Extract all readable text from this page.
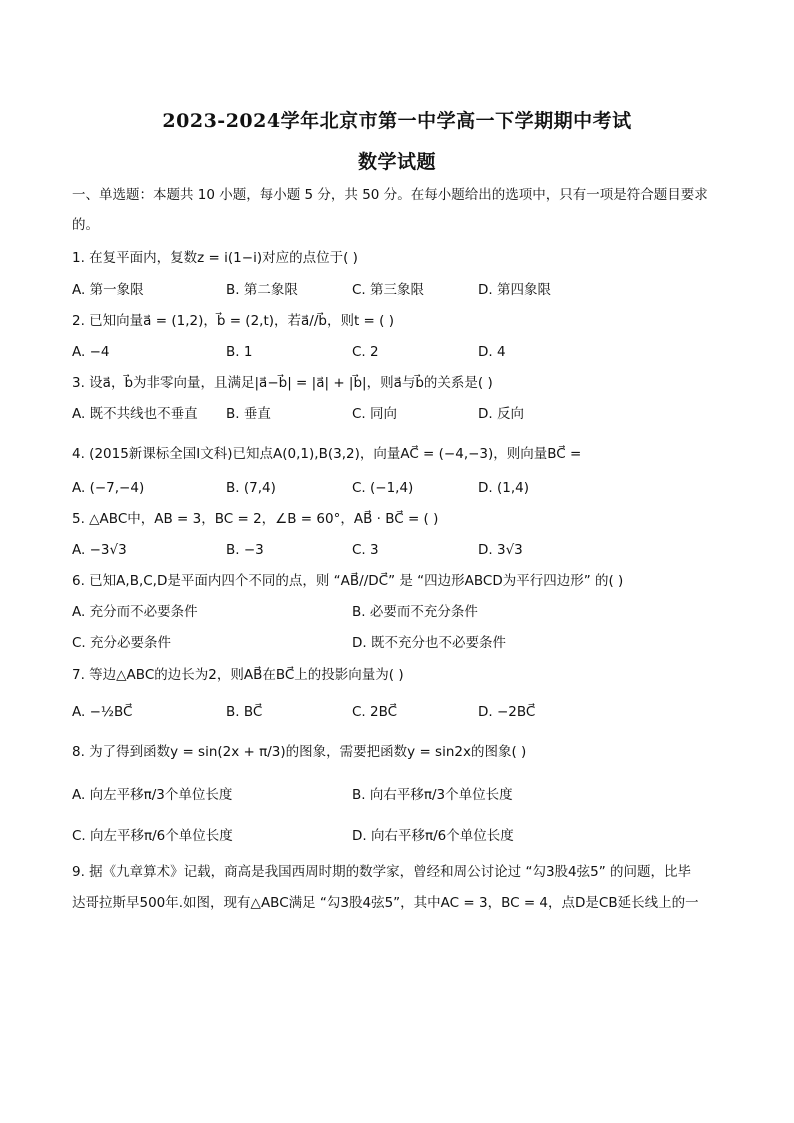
2023-2024学年北京市第一中学高一下学期期中考试
数学试题
一、单选题：本题共 10 小题，每小题 5 分，共 50 分。在每小题给出的选项中，只有一项是符合题目要求
的。
1. 在复平面内，复数z = i(1−i)对应的点位于( )
A. 第一象限	B. 第二象限	C. 第三象限	D. 第四象限
2. 已知向量a⃗ = (1,2)，b⃗ = (2,t)，若a⃗//b⃗，则t = ( )
A. −4	B. 1	C. 2	D. 4
3. 设a⃗，b⃗为非零向量，且满足|a⃗−b⃗| = |a⃗| + |b⃗|，则a⃗与b⃗的关系是( )
A. 既不共线也不垂直 B. 垂直	C. 同向	D. 反向
4. (2015新课标全国Ⅰ文科)已知点A(0,1),B(3,2)，向量AC⃗ = (−4,−3)，则向量BC⃗ =
A. (−7,−4)	B. (7,4)	C. (−1,4)	D. (1,4)
5. △ABC中，AB = 3，BC = 2，∠B = 60°，AB⃗ · BC⃗ = ( )
A. −3√3	B. −3	C. 3	D. 3√3
6. 已知A,B,C,D是平面内四个不同的点，则 “AB⃗//DC⃗” 是 “四边形ABCD为平行四边形” 的( )
A. 充分而不必要条件	B. 必要而不充分条件
C. 充分必要条件	D. 既不充分也不必要条件
7. 等边△ABC的边长为2，则AB⃗在BC⃗上的投影向量为( )
A. −½BC⃗	B. BC⃗	C. 2BC⃗	D. −2BC⃗
8. 为了得到函数y = sin(2x + π/3)的图象，需要把函数y = sin2x的图象( )
A. 向左平移π/3个单位长度	B. 向右平移π/3个单位长度
C. 向左平移π/6个单位长度	D. 向右平移π/6个单位长度
9. 据《九章算术》记载，商高是我国西周时期的数学家，曾经和周公讨论过 “勾3股4弦5” 的问题，比毕
达哥拉斯早500年.如图，现有△ABC满足 “勾3股4弦5”，其中AC = 3，BC = 4，点D是CB延长线上的一
